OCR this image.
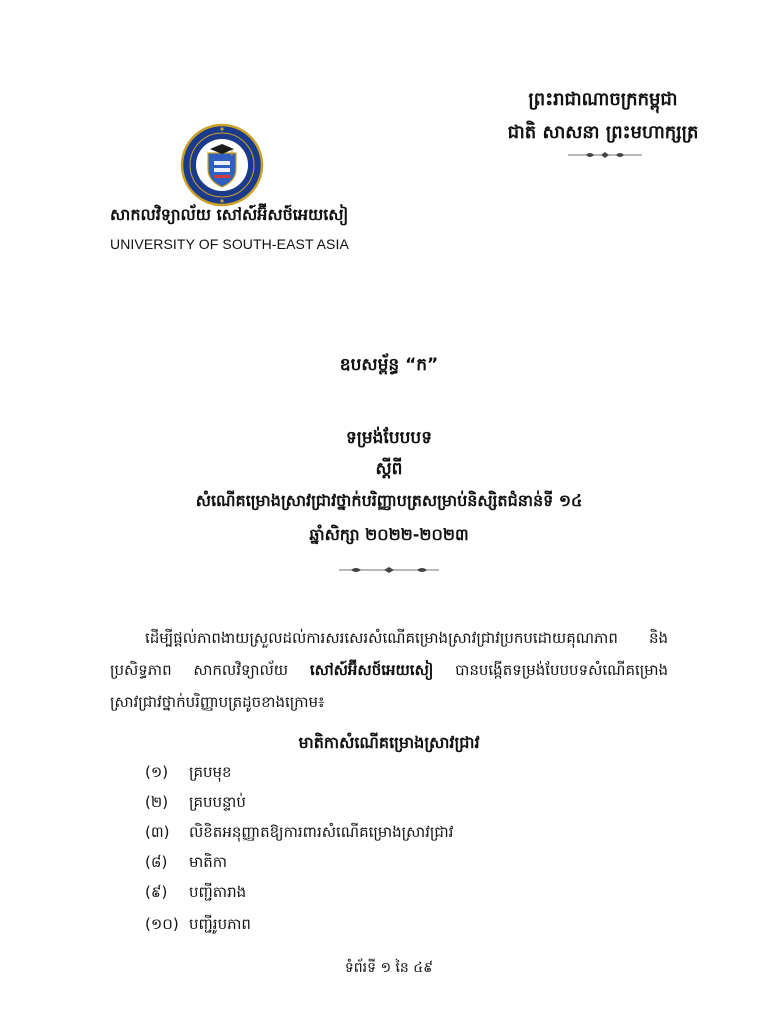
ព្រះរាជាណាចក្រកម្ពុជា
ជាតិ សាសនា ព្រះមហាក្សត្រ
សាកលវិទ្យាល័យ សៅស៍អ៊ីសថ៍អេយសៀ
UNIVERSITY OF SOUTH-EAST ASIA
ឧបសម្ព័ន្ធ “ក”
ទម្រង់បែបបទ
ស្តីពី
សំណើគម្រោងស្រាវជ្រាវថ្នាក់បរិញ្ញាបត្រសម្រាប់និស្សិតជំនាន់ទី ១៤
ឆ្នាំសិក្សា ២០២២-២០២៣
ដើម្បីផ្តល់ភាពងាយស្រួលដល់ការសរសេរសំណើគម្រោងស្រាវជ្រាវប្រកបដោយគុណភាព និង
ប្រសិទ្ធភាព សាកលវិទ្យាល័យ សៅស៍អ៊ីសថ៍អេយសៀ បានបង្កើតទម្រង់បែបបទសំណើគម្រោង
ស្រាវជ្រាវថ្នាក់បរិញ្ញាបត្រដូចខាងក្រោម៖
មាតិកាសំណើគម្រោងស្រាវជ្រាវ
(១) គ្របមុខ
(២) គ្របបន្ទាប់
(៣) លិខិតអនុញ្ញាតឱ្យការពារសំណើគម្រោងស្រាវជ្រាវ
(៨) មាតិកា
(៩) បញ្ជីតារាង
(១០) បញ្ជីរូបភាព
ទំព័រទី ១ នៃ ៤៩
